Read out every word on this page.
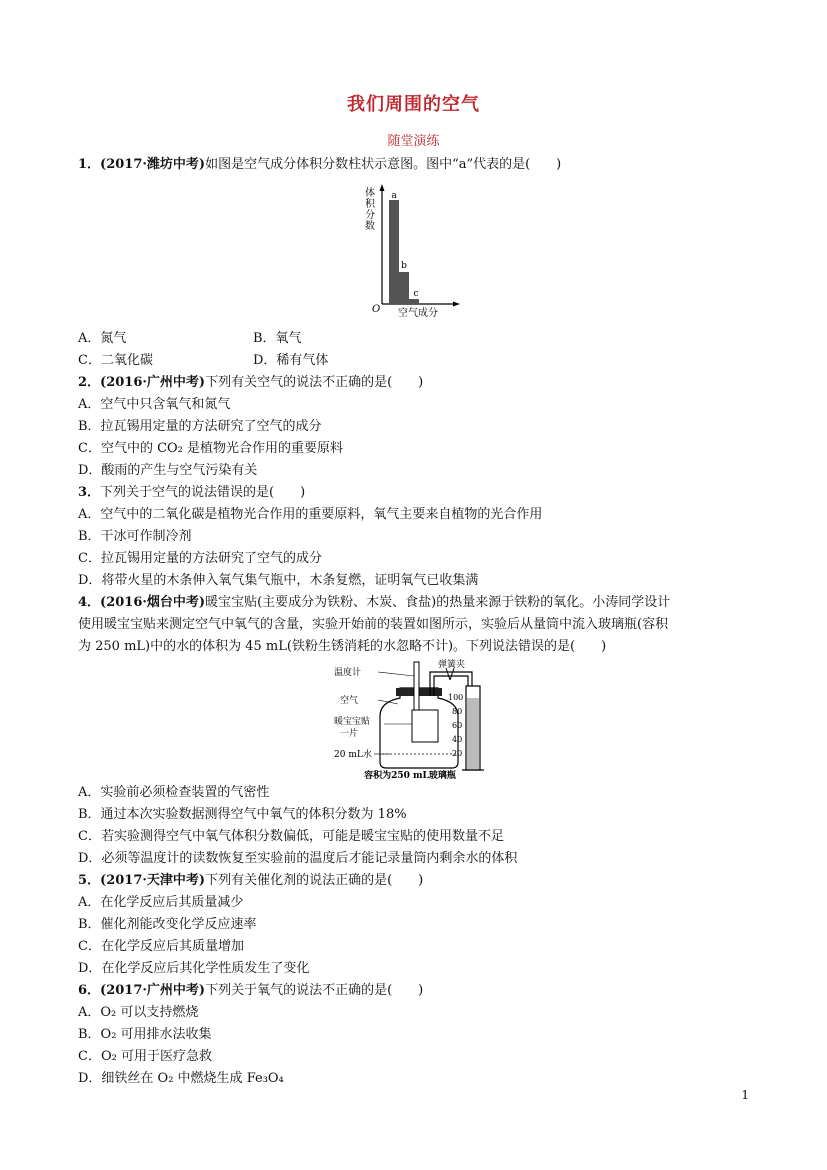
我们周围的空气
随堂演练
1．(2017·潍坊中考)如图是空气成分体积分数柱状示意图。图中“a”代表的是(　　)
体
积
分
数
a
b
c
O 空气成分
A．氮气	B．氧气
C．二氧化碳	D．稀有气体
2．(2016·广州中考)下列有关空气的说法不正确的是(　　)
A．空气中只含氧气和氮气
B．拉瓦锡用定量的方法研究了空气的成分
C．空气中的 CO₂ 是植物光合作用的重要原料
D．酸雨的产生与空气污染有关
3．下列关于空气的说法错误的是(　　)
A．空气中的二氧化碳是植物光合作用的重要原料，氧气主要来自植物的光合作用
B．干冰可作制冷剂
C．拉瓦锡用定量的方法研究了空气的成分
D．将带火星的木条伸入氧气集气瓶中，木条复燃，证明氧气已收集满
4．(2016·烟台中考)暖宝宝贴(主要成分为铁粉、木炭、食盐)的热量来源于铁粉的氧化。小涛同学设计
使用暖宝宝贴来测定空气中氧气的含量，实验开始前的装置如图所示，实验后从量筒中流入玻璃瓶(容积
为 250 mL)中的水的体积为 45 mL(铁粉生锈消耗的水忽略不计)。下列说法错误的是(　　)
温度计
弹簧夹
空气
暖宝宝贴
一片
20 mL水
100
80
60
40
20
容积为250 mL玻璃瓶
A．实验前必须检查装置的气密性
B．通过本次实验数据测得空气中氧气的体积分数为 18%
C．若实验测得空气中氧气体积分数偏低，可能是暖宝宝贴的使用数量不足
D．必须等温度计的读数恢复至实验前的温度后才能记录量筒内剩余水的体积
5．(2017·天津中考)下列有关催化剂的说法正确的是(　　)
A．在化学反应后其质量减少
B．催化剂能改变化学反应速率
C．在化学反应后其质量增加
D．在化学反应后其化学性质发生了变化
6．(2017·广州中考)下列关于氧气的说法不正确的是(　　)
A．O₂ 可以支持燃烧
B．O₂ 可用排水法收集
C．O₂ 可用于医疗急救
D．细铁丝在 O₂ 中燃烧生成 Fe₃O₄
1
